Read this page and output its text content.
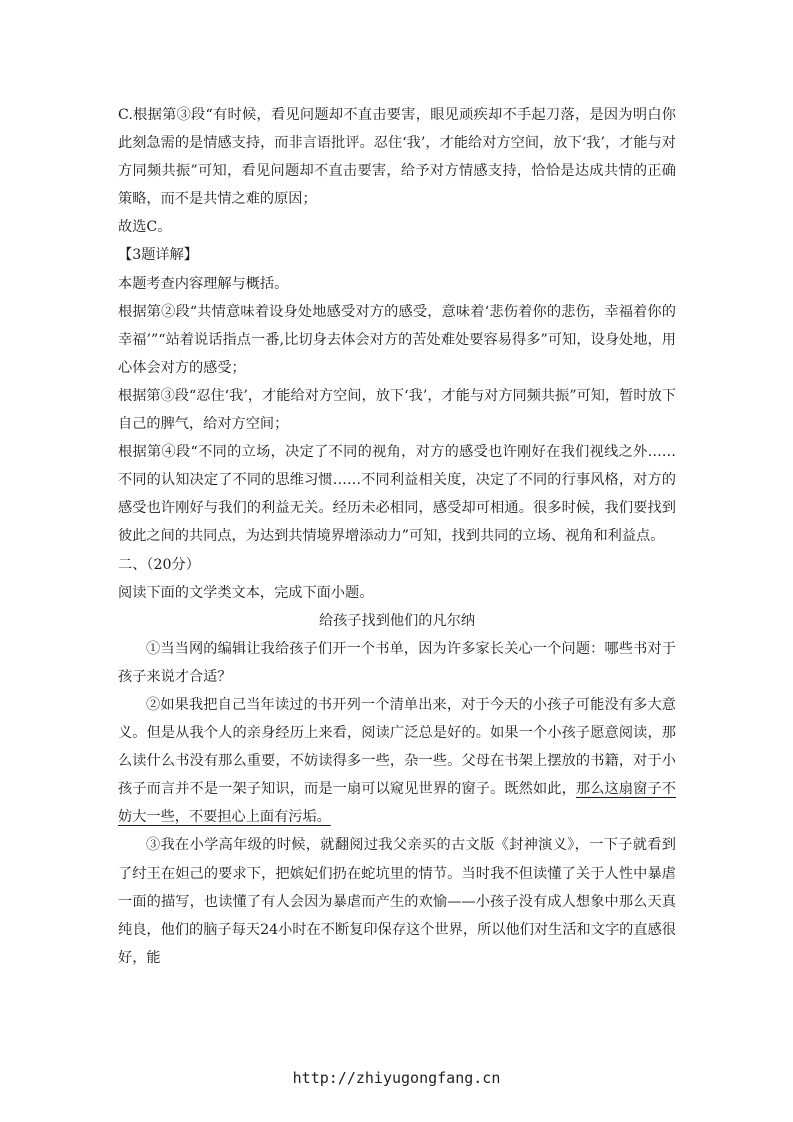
C.根据第③段“有时候，看见问题却不直击要害，眼见顽疾却不手起刀落，是因为明白你此刻急需的是情感支持，而非言语批评。忍住‘我’，才能给对方空间，放下‘我’，才能与对方同频共振”可知，看见问题却不直击要害，给予对方情感支持，恰恰是达成共情的正确策略，而不是共情之难的原因；

故选C。

【3题详解】

本题考查内容理解与概括。

根据第②段“共情意味着设身处地感受对方的感受，意味着‘悲伤着你的悲伤，幸福着你的幸福’”“站着说话指点一番,比切身去体会对方的苦处难处要容易得多”可知，设身处地，用心体会对方的感受；

根据第③段“忍住‘我’，才能给对方空间，放下‘我’，才能与对方同频共振”可知，暂时放下自己的脾气，给对方空间；

根据第④段“不同的立场，决定了不同的视角，对方的感受也许刚好在我们视线之外……不同的认知决定了不同的思维习惯……不同利益相关度，决定了不同的行事风格，对方的感受也许刚好与我们的利益无关。经历未必相同，感受却可相通。很多时候，我们要找到彼此之间的共同点，为达到共情境界增添动力”可知，找到共同的立场、视角和利益点。

二、（20分）

阅读下面的文学类文本，完成下面小题。

给孩子找到他们的凡尔纳

①当当网的编辑让我给孩子们开一个书单，因为许多家长关心一个问题：哪些书对于孩子来说才合适？

②如果我把自己当年读过的书开列一个清单出来，对于今天的小孩子可能没有多大意义。但是从我个人的亲身经历上来看，阅读广泛总是好的。如果一个小孩子愿意阅读，那么读什么书没有那么重要，不妨读得多一些，杂一些。父母在书架上摆放的书籍，对于小孩子而言并不是一架子知识，而是一扇可以窥见世界的窗子。既然如此，那么这扇窗子不妨大一些，不要担心上面有污垢。

③我在小学高年级的时候，就翻阅过我父亲买的古文版《封神演义》，一下子就看到了纣王在妲己的要求下，把嫔妃们扔在蛇坑里的情节。当时我不但读懂了关于人性中暴虐一面的描写，也读懂了有人会因为暴虐而产生的欢愉——小孩子没有成人想象中那么天真纯良，他们的脑子每天24小时在不断复印保存这个世界，所以他们对生活和文字的直感很好，能

http://zhiyugongfang.cn
